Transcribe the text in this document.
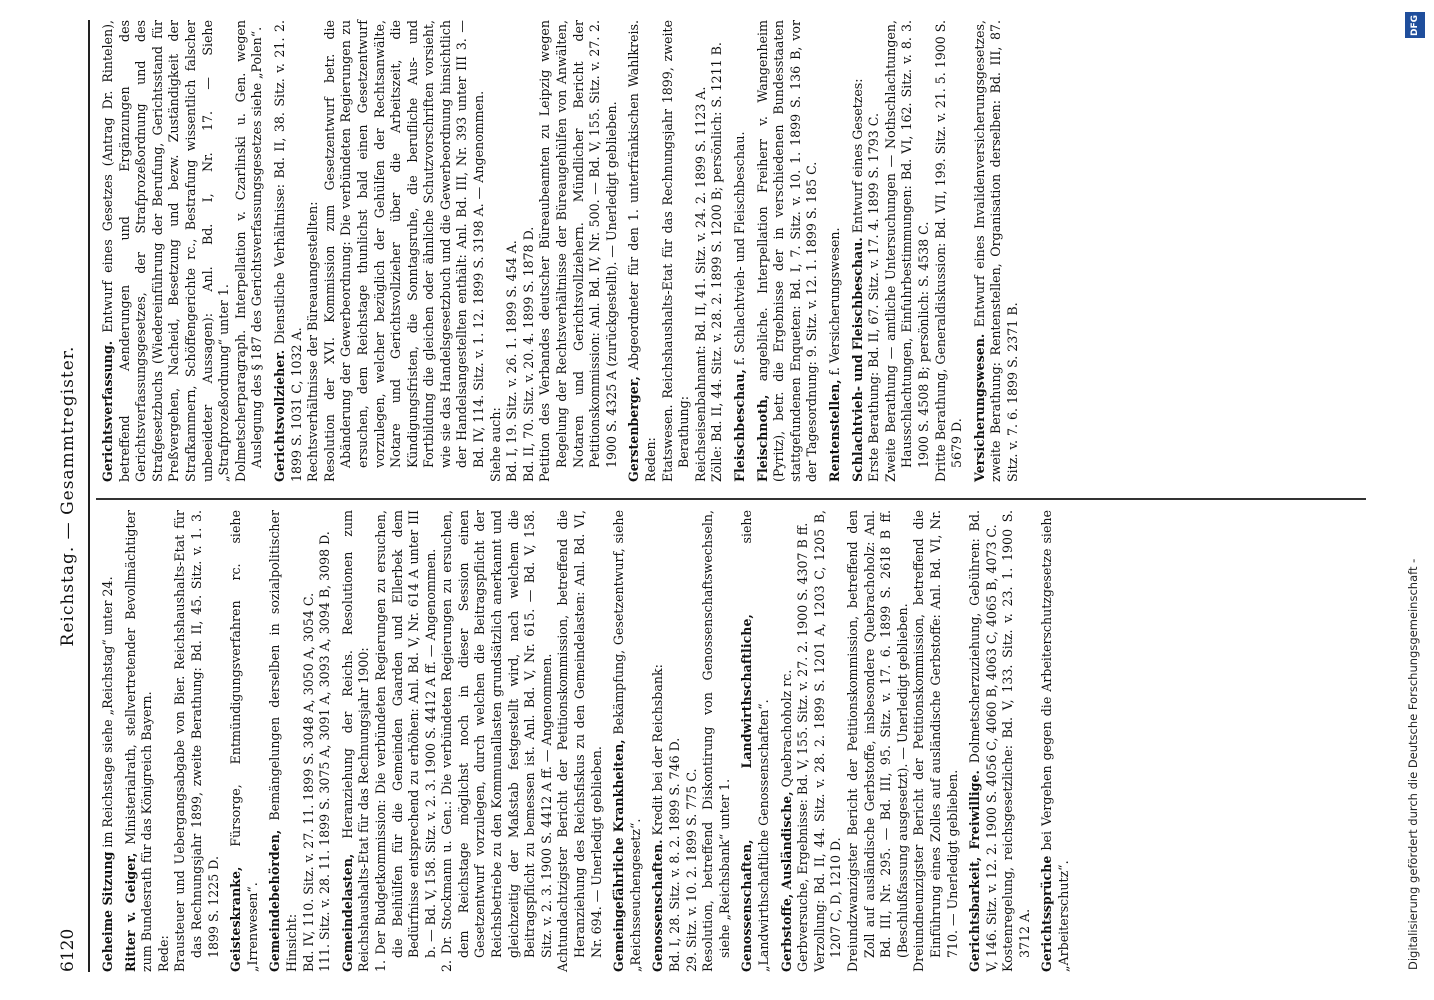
6120
Reichstag. — Gesammtregister.
Geheime Sitzung im Reichstage siehe „Reichstag“ unter 24.
Ritter v. Geiger, Ministerialrath, stellvertretender Bevollmächtigter zum Bundesrath für das Königreich Bayern. Rede: Brausteuer und Uebergangsabgabe von Bier. Reichshaushalts-Etat für das Rechnungsjahr 1899, zweite Berathung: Bd. II, 45. Sitz. v. 1. 3. 1899 S. 1225 D. Geisteskranke, Fürsorge, Entmündigungsverfahren rc. siehe „Irrenwesen“. Gemeindebehörden, Bemängelungen derselben in sozialpolitischer Hinsicht: Bd. IV, 110. Sitz. v. 27. 11. 1899 S. 3048 A, 3050 A, 3054 C. 111. Sitz. v. 28. 11. 1899 S. 3075 A, 3091 A, 3093 A, 3094 B, 3098 D. Gemeindelasten, Heranziehung der Reichs. Resolutionen zum Reichshaushalts-Etat für das Rechnungsjahr 1900: 1. Der Budgetkommission: Die verbündeten Regierungen zu ersuchen, die Beihülfen für die Gemeinden Gaarden und Ellerbek dem Bedürfnisse entsprechend zu erhöhen: Anl. Bd. V, Nr. 614 A unter III b. — Bd. V, 158. Sitz. v. 2. 3. 1900 S. 4412 A ff. — Angenommen. 2. Dr. Stockmann u. Gen.: Die verbündeten Regierungen zu ersuchen, dem Reichstage möglichst noch in dieser Session einen Gesetzentwurf vorzulegen, durch welchen die Beitragspflicht der Reichsbetriebe zu den Kommunallasten grundsätzlich anerkannt und gleichzeitig der Maßstab festgestellt wird, nach welchem die Beitragspflicht zu bemessen ist. Anl. Bd. V, Nr. 615. — Bd. V, 158. Sitz. v. 2. 3. 1900 S. 4412 A ff. — Angenommen. Achtundachtzigster Bericht der Petitionskommission, betreffend die Heranziehung des Reichsfiskus zu den Gemeindelasten: Anl. Bd. VI, Nr. 694. — Unerledigt geblieben. Gemeingefährliche Krankheiten, Bekämpfung, Gesetzentwurf, siehe „Reichsseuchengesetz“. Genossenschaften. Kredit bei der Reichsbank: Bd. I, 28. Sitz. v. 8. 2. 1899 S. 746 D. 29. Sitz. v. 10. 2. 1899 S. 775 C. Resolution, betreffend Diskontirung von Genossenschaftswechseln, siehe „Reichsbank“ unter 1. Genossenschaften, Landwirthschaftliche, siehe „Landwirthschaftliche Genossenschaften“. Gerbstoffe, Ausländische, Quebrachoholz rc. Gerbversuche, Ergebnisse: Bd. V, 155. Sitz. v. 27. 2. 1900 S. 4307 B ff. Verzollung: Bd. II, 44. Sitz. v. 28. 2. 1899 S. 1201 A, 1203 C, 1205 B, 1207 C, D, 1210 D. Dreiundzwanzigster Bericht der Petitionskommission, betreffend den Zoll auf ausländische Gerbstoffe, insbesondere Quebrachoholz: Anl. Bd. III, Nr. 295. — Bd. III, 95. Sitz. v. 17. 6. 1899 S. 2618 B ff. (Beschlußfassung ausgesetzt). — Unerledigt geblieben. Dreiundneunzigster Bericht der Petitionskommission, betreffend die Einführung eines Zolles auf ausländische Gerbstoffe: Anl. Bd. VI, Nr. 710. — Unerledigt geblieben. Gerichtsbarkeit, Freiwillige. Dolmetscherzuziehung, Gebühren: Bd. V, 146. Sitz. v. 12. 2. 1900 S. 4056 C, 4060 B, 4063 C, 4065 B, 4073 C. Kostenregelung, reichsgesetzliche: Bd. V, 133. Sitz. v. 23. 1. 1900 S. 3712 A. Gerichtssprüche bei Vergehen gegen die Arbeiterschutzgesetze siehe „Arbeiterschutz“.
Gerichtsverfassung. Entwurf eines Gesetzes (Antrag Dr. Rintelen), betreffend Aenderungen und Ergänzungen des Gerichtsverfassungsgesetzes, der Strafprozeßordnung und des Strafgesetzbuchs (Wiedereinführung der Berufung, Gerichtsstand für Preßvergehen, Nacheid, Besetzung und bezw. Zuständigkeit der Strafkammern, Schöffengerichte rc., Bestrafung wissentlich falscher unbeeideter Aussagen): Anl. Bd. I, Nr. 17. — Siehe „Strafprozeßordnung“ unter 1. Dolmetscherparagraph. Interpellation v. Czarlinski u. Gen. wegen Auslegung des § 187 des Gerichtsverfassungsgesetzes siehe „Polen“. Gerichtsvollzieher. Dienstliche Verhältnisse: Bd. II, 38. Sitz. v. 21. 2. 1899 S. 1031 C, 1032 A. Rechtsverhältnisse der Büreauangestellten: Resolution der XVI. Kommission zum Gesetzentwurf betr. die Abänderung der Gewerbeordnung: Die verbündeten Regierungen zu ersuchen, dem Reichstage thunlichst bald einen Gesetzentwurf vorzulegen, welcher bezüglich der Gehülfen der Rechtsanwälte, Notare und Gerichtsvollzieher über die Arbeitszeit, die Kündigungsfristen, die Sonntagsruhe, die berufliche Aus- und Fortbildung die gleichen oder ähnliche Schutzvorschriften vorsieht, wie sie das Handelsgesetzbuch und die Gewerbeordnung hinsichtlich der Handelsangestellten enthält: Anl. Bd. III, Nr. 393 unter III 3. — Bd. IV, 114. Sitz. v. 1. 12. 1899 S. 3198 A. — Angenommen. Siehe auch: Bd. I, 19. Sitz. v. 26. 1. 1899 S. 454 A. Bd. II, 70. Sitz. v. 20. 4. 1899 S. 1878 D. Petition des Verbandes deutscher Büreaubeamten zu Leipzig wegen Regelung der Rechtsverhältnisse der Büreaugehülfen von Anwälten, Notaren und Gerichtsvollziehern. Mündlicher Bericht der Petitionskommission: Anl. Bd. IV, Nr. 500. — Bd. V, 155. Sitz. v. 27. 2. 1900 S. 4325 A (zurückgestellt). — Unerledigt geblieben. Gerstenberger, Abgeordneter für den 1. unterfränkischen Wahlkreis. Reden: Etatswesen. Reichshaushalts-Etat für das Rechnungsjahr 1899, zweite Berathung: Reichseisenbahnamt: Bd. II, 41. Sitz. v. 24. 2. 1899 S. 1123 A. Zölle: Bd. II, 44. Sitz. v. 28. 2. 1899 S. 1200 B; persönlich: S. 1211 B. Fleischbeschau, f. Schlachtvieh- und Fleischbeschau.
Fleischnoth, angebliche. Interpellation Freiherr v. Wangenheim (Pyritz), betr. die Ergebnisse der in verschiedenen Bundesstaaten stattgefundenen Enqueten: Bd. I, 7. Sitz. v. 10. 1. 1899 S. 136 B, vor der Tagesordnung: 9. Sitz. v. 12. 1. 1899 S. 185 C. Rentenstellen, f. Versicherungswesen. Schlachtvieh- und Fleischbeschau. Entwurf eines Gesetzes: Erste Berathung: Bd. II, 67. Sitz. v. 17. 4. 1899 S. 1793 C. Zweite Berathung — amtliche Untersuchungen — Nothschlachtungen, Hausschlachtungen, Einfuhrbestimmungen: Bd. VI, 162. Sitz. v. 8. 3. 1900 S. 4508 B; persönlich: S. 4538 C. Dritte Berathung, Generaldiskussion: Bd. VII, 199. Sitz. v. 21. 5. 1900 S. 5679 D. Versicherungswesen. Entwurf eines Invalidenversicherungsgesetzes, zweite Berathung: Rentenstellen, Organisation derselben: Bd. III, 87. Sitz. v. 7. 6. 1899 S. 2371 B.
DFG
Digitalisierung gefördert durch die Deutsche Forschungsgemeinschaft -
